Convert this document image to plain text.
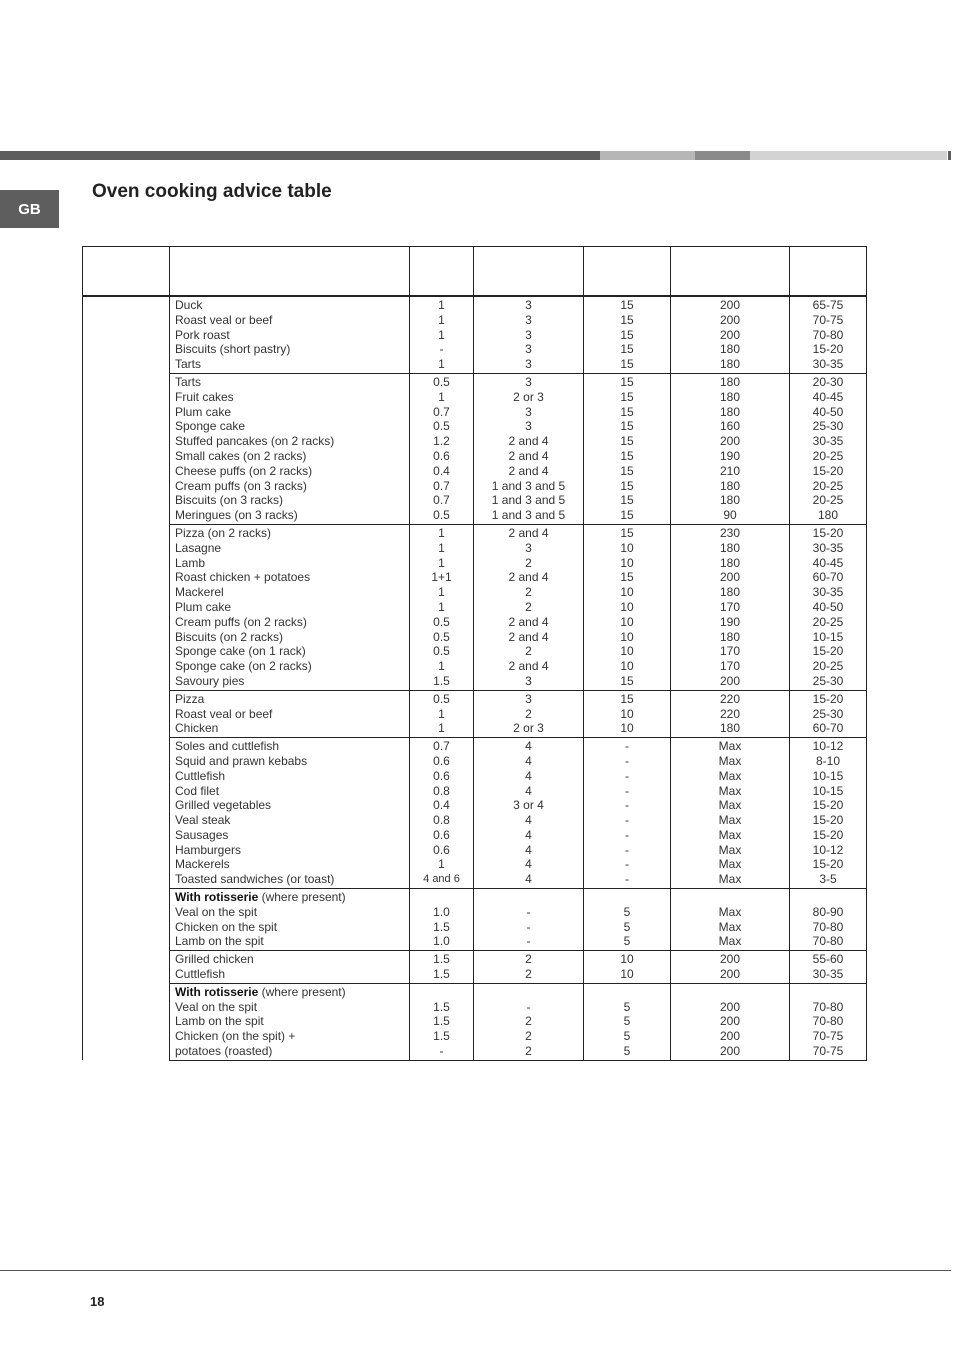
GB
Oven cooking advice table

	Duck	1	3	15	200	65-75
	Roast veal or beef	1	3	15	200	70-75
	Pork roast	1	3	15	200	70-80
	Biscuits (short pastry)	-	3	15	180	15-20
	Tarts	1	3	15	180	30-35
	Tarts	0.5	3	15	180	20-30
	Fruit cakes	1	2 or 3	15	180	40-45
	Plum cake	0.7	3	15	180	40-50
	Sponge cake	0.5	3	15	160	25-30
	Stuffed pancakes (on 2 racks)	1.2	2 and 4	15	200	30-35
	Small cakes (on 2 racks)	0.6	2 and 4	15	190	20-25
	Cheese puffs (on 2 racks)	0.4	2 and 4	15	210	15-20
	Cream puffs (on 3 racks)	0.7	1 and 3 and 5	15	180	20-25
	Biscuits (on 3 racks)	0.7	1 and 3 and 5	15	180	20-25
	Meringues (on 3 racks)	0.5	1 and 3 and 5	15	90	180
	Pizza (on 2 racks)	1	2 and 4	15	230	15-20
	Lasagne	1	3	10	180	30-35
	Lamb	1	2	10	180	40-45
	Roast chicken + potatoes	1+1	2 and 4	15	200	60-70
	Mackerel	1	2	10	180	30-35
	Plum cake	1	2	10	170	40-50
	Cream puffs (on 2 racks)	0.5	2 and 4	10	190	20-25
	Biscuits (on 2 racks)	0.5	2 and 4	10	180	10-15
	Sponge cake (on 1 rack)	0.5	2	10	170	15-20
	Sponge cake (on 2 racks)	1	2 and 4	10	170	20-25
	Savoury pies	1.5	3	15	200	25-30
	Pizza	0.5	3	15	220	15-20
	Roast veal or beef	1	2	10	220	25-30
	Chicken	1	2 or 3	10	180	60-70
	Soles and cuttlefish	0.7	4	-	Max	10-12
	Squid and prawn kebabs	0.6	4	-	Max	8-10
	Cuttlefish	0.6	4	-	Max	10-15
	Cod filet	0.8	4	-	Max	10-15
	Grilled vegetables	0.4	3 or 4	-	Max	15-20
	Veal steak	0.8	4	-	Max	15-20
	Sausages	0.6	4	-	Max	15-20
	Hamburgers	0.6	4	-	Max	10-12
	Mackerels	1	4	-	Max	15-20
	Toasted sandwiches (or toast)	4 and 6	4	-	Max	3-5
	With rotisserie (where present)					
	Veal on the spit	1.0	-	5	Max	80-90
	Chicken on the spit	1.5	-	5	Max	70-80
	Lamb on the spit	1.0	-	5	Max	70-80
	Grilled chicken	1.5	2	10	200	55-60
	Cuttlefish	1.5	2	10	200	30-35
	With rotisserie (where present)					
	Veal on the spit	1.5	-	5	200	70-80
	Lamb on the spit	1.5	2	5	200	70-80
	Chicken (on the spit) +	1.5	2	5	200	70-75
	potatoes (roasted)	-	2	5	200	70-75
18
